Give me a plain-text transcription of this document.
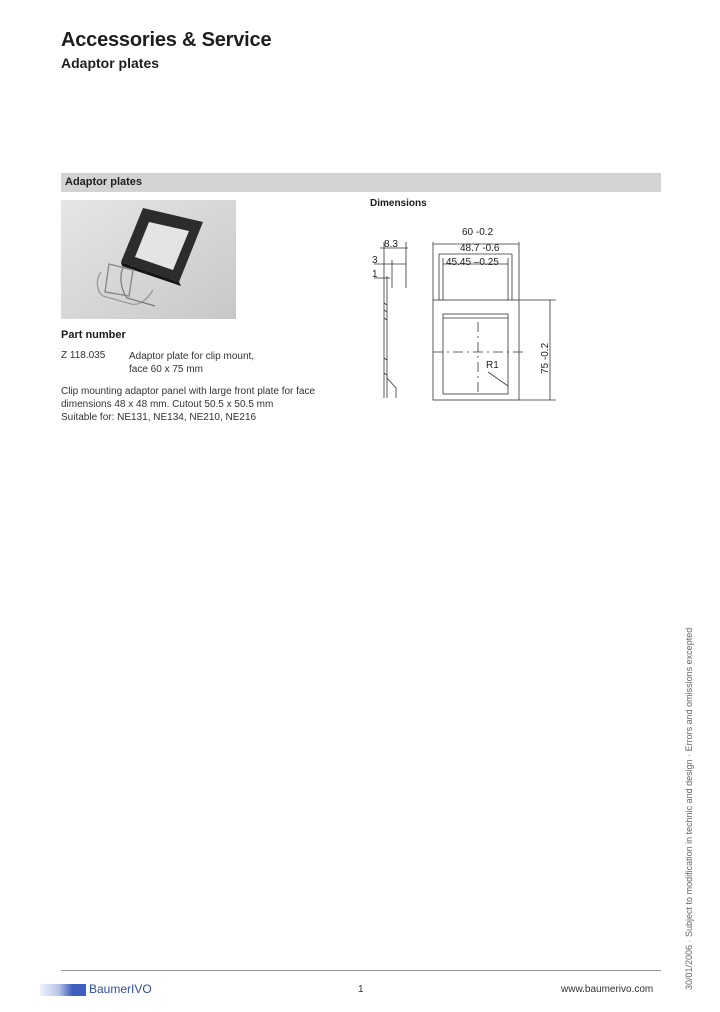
Accessories & Service
Adaptor plates
Adaptor plates
Part number
Z 118.035 Adaptor plate for clip mount,
face 60 x 75 mm
Clip mounting adaptor panel with large front plate for face
dimensions 48 x 48 mm. Cutout 50.5 x 50.5 mm
Suitable for: NE131, NE134, NE210, NE216
Dimensions
8.3
3
1
60 -0.2
48.7 -0.6
45.45 –0.25
R1	75 -0.2
30/01/2006 · Subject to modification in technic and design · Errors and omissions excepted
BaumerIVO	1	www.baumerivo.com
